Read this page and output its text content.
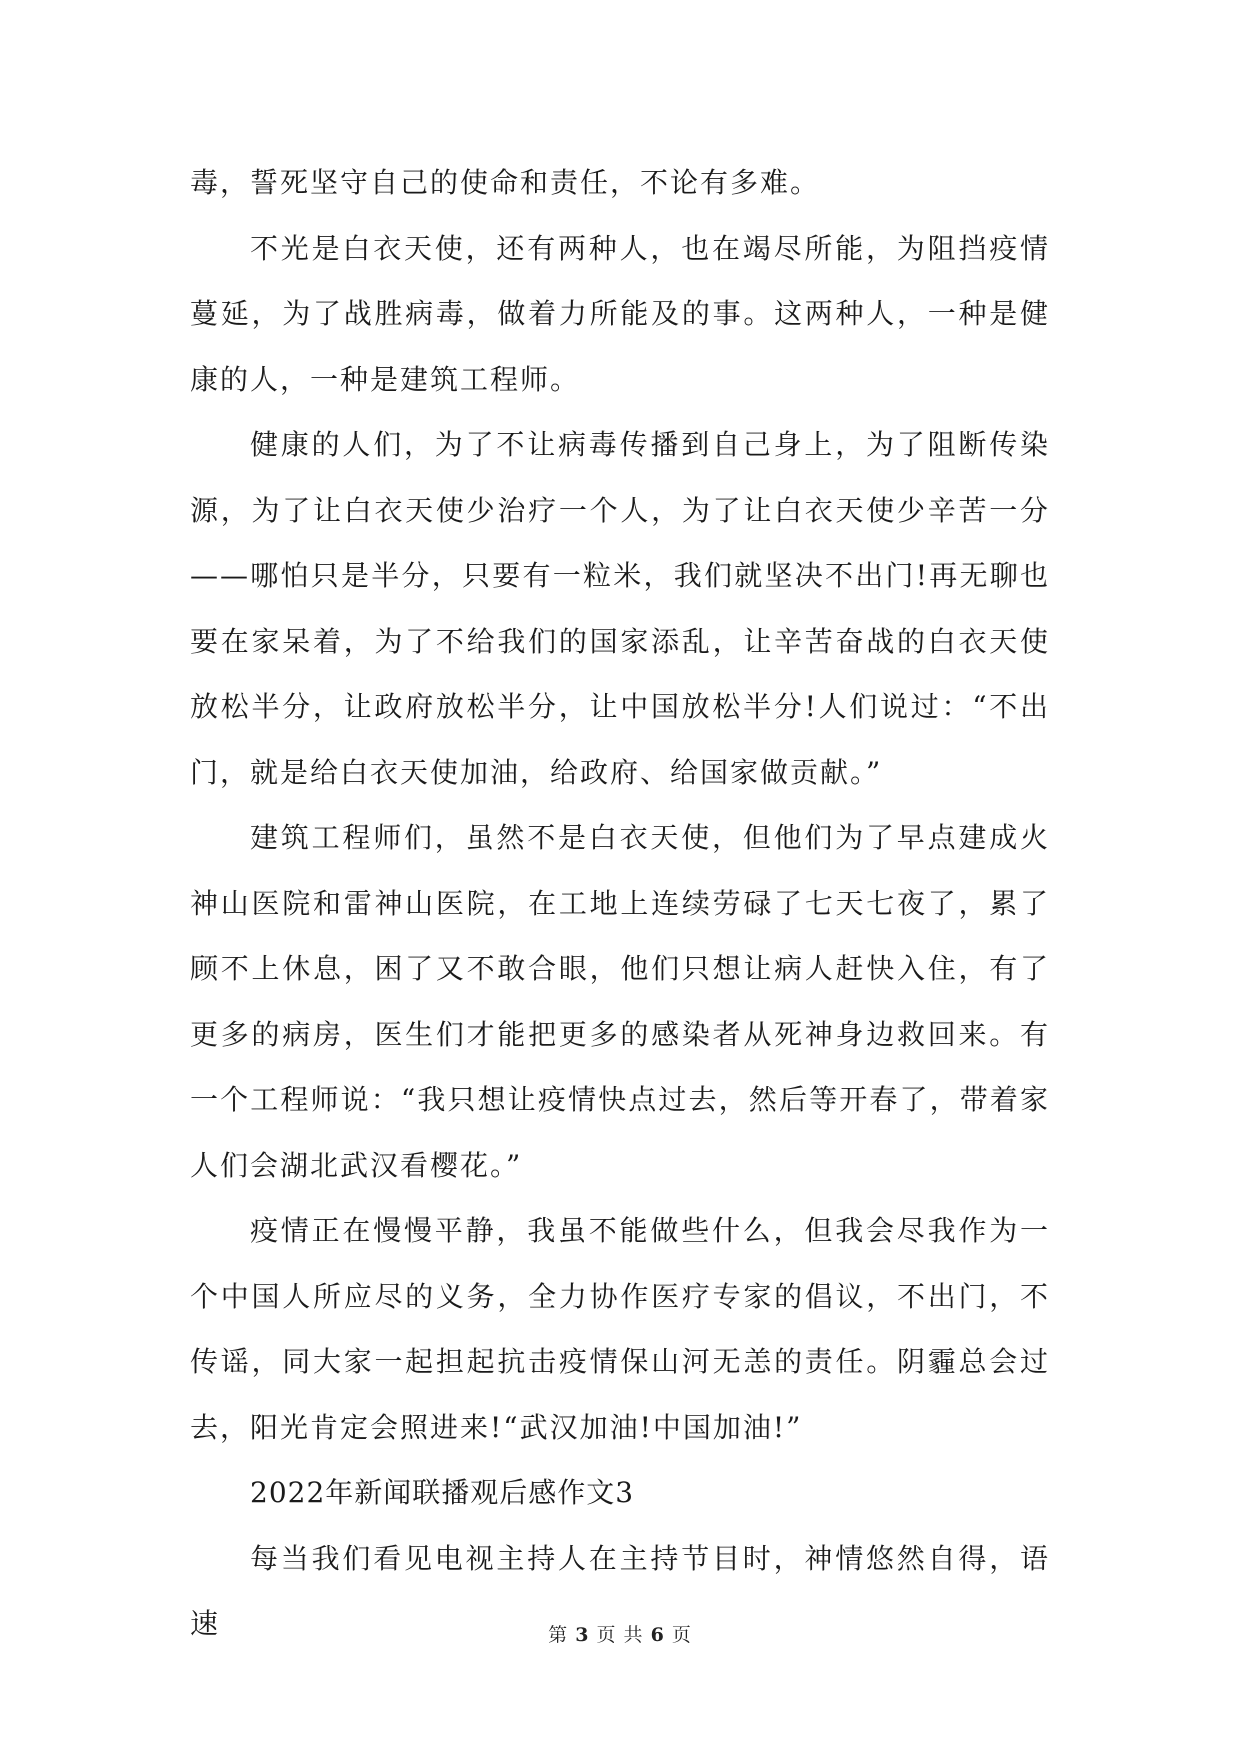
毒，誓死坚守自己的使命和责任，不论有多难。

不光是白衣天使，还有两种人，也在竭尽所能，为阻挡疫情蔓延，为了战胜病毒，做着力所能及的事。这两种人，一种是健康的人，一种是建筑工程师。

健康的人们，为了不让病毒传播到自己身上，为了阻断传染源，为了让白衣天使少治疗一个人，为了让白衣天使少辛苦一分——哪怕只是半分，只要有一粒米，我们就坚决不出门!再无聊也要在家呆着，为了不给我们的国家添乱，让辛苦奋战的白衣天使放松半分，让政府放松半分，让中国放松半分!人们说过：“不出门，就是给白衣天使加油，给政府、给国家做贡献。”

建筑工程师们，虽然不是白衣天使，但他们为了早点建成火神山医院和雷神山医院，在工地上连续劳碌了七天七夜了，累了顾不上休息，困了又不敢合眼，他们只想让病人赶快入住，有了更多的病房，医生们才能把更多的感染者从死神身边救回来。有一个工程师说：“我只想让疫情快点过去，然后等开春了，带着家人们会湖北武汉看樱花。”

疫情正在慢慢平静，我虽不能做些什么，但我会尽我作为一个中国人所应尽的义务，全力协作医疗专家的倡议，不出门，不传谣，同大家一起担起抗击疫情保山河无恙的责任。阴霾总会过去，阳光肯定会照进来!“武汉加油!中国加油!”

2022年新闻联播观后感作文3

每当我们看见电视主持人在主持节目时，神情悠然自得，语速	第 3 页 共 6 页
